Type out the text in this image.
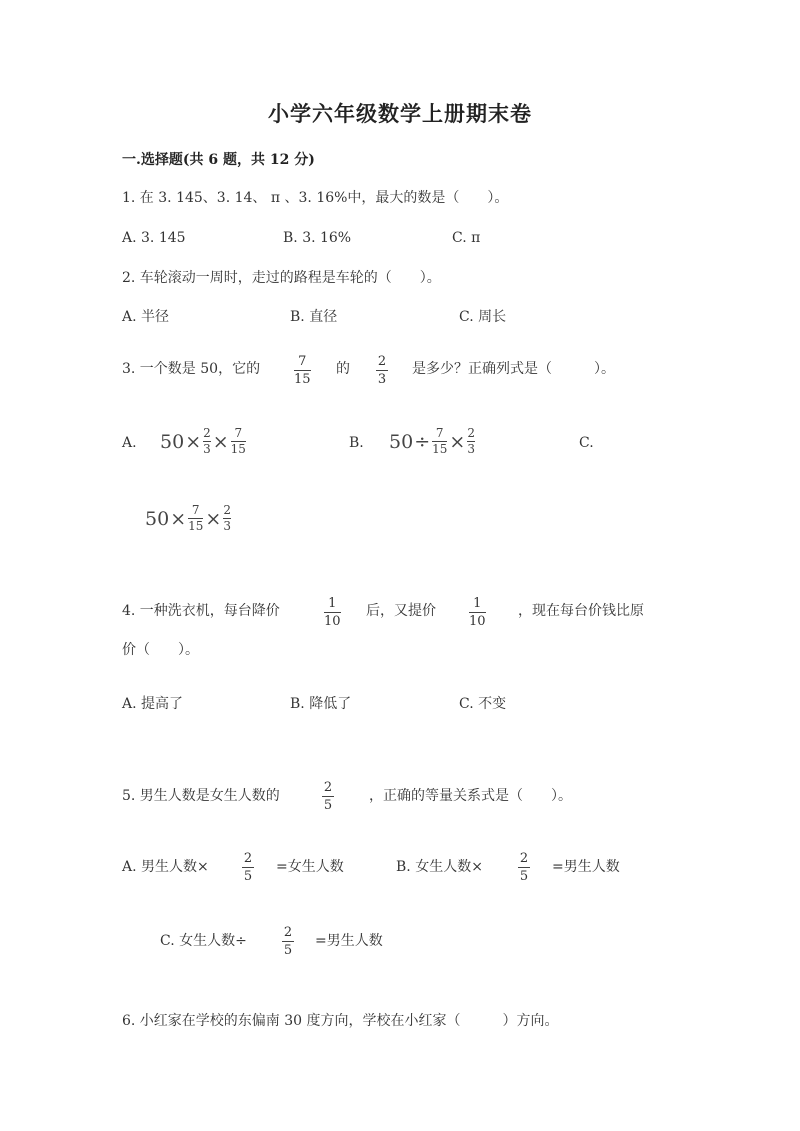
小学六年级数学上册期末卷
一.选择题(共 6 题，共 12 分)
1. 在 3. 145、3. 14、 π 、3. 16%中，最大的数是（　　）。
A. 3. 145	B. 3. 16%	C. π
2. 车轮滚动一周时，走过的路程是车轮的（　　）。
A. 半径	B. 直径	C. 周长
3. 一个数是 50，它的	7
15
的 2
3
是多少？正确列式是（　　　）。
A. 50 × 2
3 × 7
15	B. 50 ÷ 7
15 × 2
3	C.
50 × 7
15 × 2
3
4. 一种洗衣机，每台降价	1
10
后，又提价	1
10
，现在每台价钱比原
价（　　）。
A. 提高了	B. 降低了	C. 不变
5. 男生人数是女生人数的
2
5
，正确的等量关系式是（　　）。
A. 男生人数×
2
5
=女生人数	B. 女生人数×
2
5
=男生人数
C. 女生人数÷
2
5
=男生人数
6. 小红家在学校的东偏南 30 度方向，学校在小红家（　　　）方向。
